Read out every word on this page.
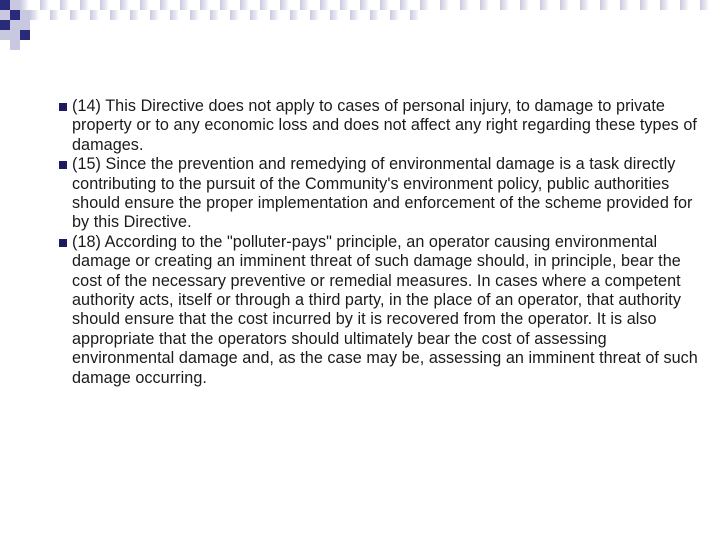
(14) This Directive does not apply to cases of personal injury, to damage to private property or to any economic loss and does not affect any right regarding these types of damages.
(15) Since the prevention and remedying of environmental damage is a task directly contributing to the pursuit of the Community's environment policy, public authorities should ensure the proper implementation and enforcement of the scheme provided for by this Directive.
(18) According to the "polluter-pays" principle, an operator causing environmental damage or creating an imminent threat of such damage should, in principle, bear the cost of the necessary preventive or remedial measures. In cases where a competent authority acts, itself or through a third party, in the place of an operator, that authority should ensure that the cost incurred by it is recovered from the operator. It is also appropriate that the operators should ultimately bear the cost of assessing environmental damage and, as the case may be, assessing an imminent threat of such damage occurring.
